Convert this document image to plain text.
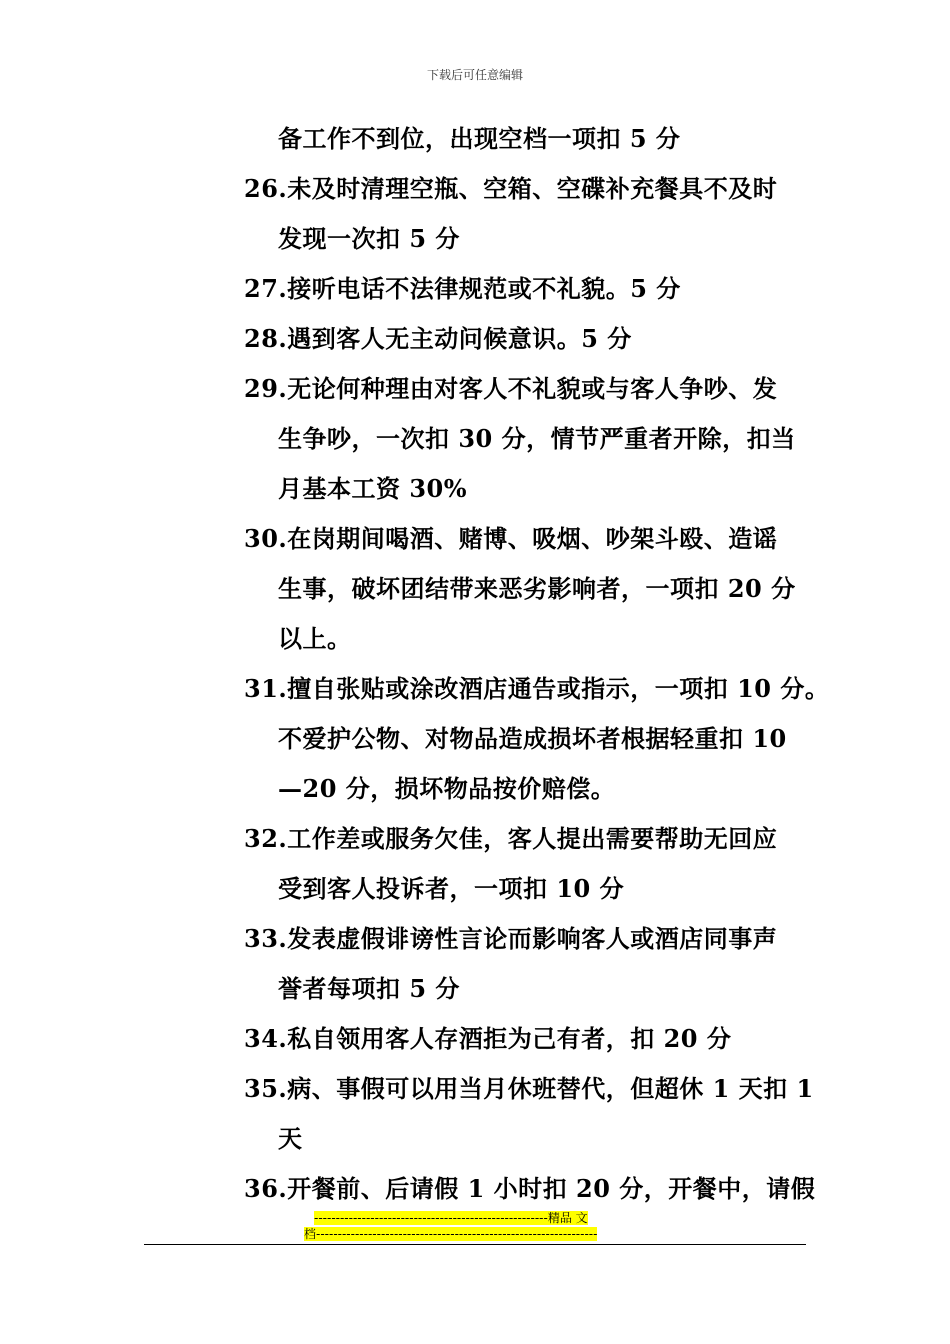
下载后可任意编辑
备工作不到位，出现空档一项扣 5 分
26.未及时清理空瓶、空箱、空碟补充餐具不及时
发现一次扣 5 分
27.接听电话不法律规范或不礼貌。5 分
28.遇到客人无主动问候意识。5 分
29.无论何种理由对客人不礼貌或与客人争吵、发
生争吵，一次扣 30 分，情节严重者开除，扣当
月基本工资 30%
30.在岗期间喝酒、赌博、吸烟、吵架斗殴、造谣
生事，破坏团结带来恶劣影响者，一项扣 20 分
以上。
31.擅自张贴或涂改酒店通告或指示，一项扣 10 分。
不爱护公物、对物品造成损坏者根据轻重扣 10
—20 分，损坏物品按价赔偿。
32.工作差或服务欠佳，客人提出需要帮助无回应
受到客人投诉者，一项扣 10 分
33.发表虚假诽谤性言论而影响客人或酒店同事声
誉者每项扣 5 分
34.私自领用客人存酒拒为己有者，扣 20 分
35.病、事假可以用当月休班替代，但超休 1 天扣 1
天
36.开餐前、后请假 1 小时扣 20 分，开餐中，请假
------------------------------------------------------精品 文
档-----------------------------------------------------------------
